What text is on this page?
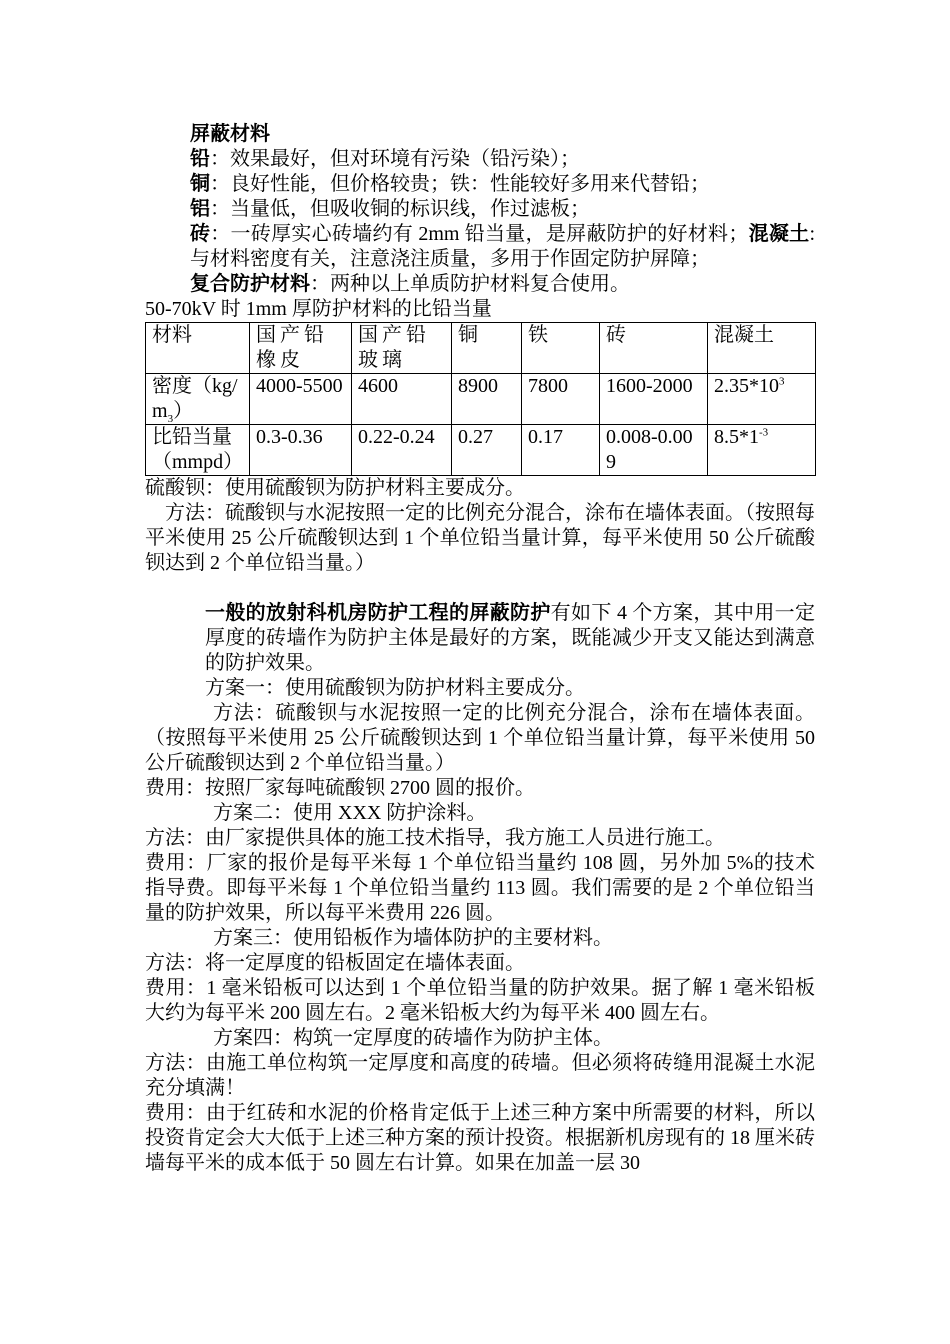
屏蔽材料

铅：效果最好，但对环境有污染（铅污染）；

铜：良好性能，但价格较贵；铁：性能较好多用来代替铅；

铝：当量低，但吸收铜的标识线，作过滤板；

砖：一砖厚实心砖墙约有 2mm 铅当量，是屏蔽防护的好材料；混凝土:与材料密度有关，注意浇注质量，多用于作固定防护屏障；

复合防护材料：两种以上单质防护材料复合使用。

50-70kV 时 1mm 厚防护材料的比铅当量

材料	国产铅橡皮	国产铅玻璃	铜	铁	砖	混凝土
密度$(kg/m_3)$	4000-5500	4600	8900	7800	1600-2000	$2.35*10^3$
比铅当量（mmpd）	0.3-0.36	0.22-0.24	0.27	0.17	0.008-0.009	$8.5*1^{-3}$

硫酸钡：使用硫酸钡为防护材料主要成分。

方法：硫酸钡与水泥按照一定的比例充分混合，涂布在墙体表面。（按照每平米使用 25 公斤硫酸钡达到 1 个单位铅当量计算，每平米使用 50 公斤硫酸钡达到 2 个单位铅当量。）

一般的放射科机房防护工程的屏蔽防护有如下 4 个方案，其中用一定厚度的砖墙作为防护主体是最好的方案，既能减少开支又能达到满意的防护效果。

方案一：使用硫酸钡为防护材料主要成分。

方法：硫酸钡与水泥按照一定的比例充分混合，涂布在墙体表面。（按照每平米使用 25 公斤硫酸钡达到 1 个单位铅当量计算，每平米使用 50 公斤硫酸钡达到 2 个单位铅当量。）

费用：按照厂家每吨硫酸钡 2700 圆的报价。

方案二：使用 XXX 防护涂料。

方法：由厂家提供具体的施工技术指导，我方施工人员进行施工。

费用：厂家的报价是每平米每 1 个单位铅当量约 108 圆，另外加 5%的技术指导费。即每平米每 1 个单位铅当量约 113 圆。我们需要的是 2 个单位铅当量的防护效果，所以每平米费用 226 圆。

方案三：使用铅板作为墙体防护的主要材料。

方法：将一定厚度的铅板固定在墙体表面。

费用：1 毫米铅板可以达到 1 个单位铅当量的防护效果。据了解 1 毫米铅板大约为每平米 200 圆左右。2 毫米铅板大约为每平米 400 圆左右。

方案四：构筑一定厚度的砖墙作为防护主体。

方法：由施工单位构筑一定厚度和高度的砖墙。但必须将砖缝用混凝土水泥充分填满！

费用：由于红砖和水泥的价格肯定低于上述三种方案中所需要的材料，所以投资肯定会大大低于上述三种方案的预计投资。根据新机房现有的 18 厘米砖墙每平米的成本低于 50 圆左右计算。如果在加盖一层 30
